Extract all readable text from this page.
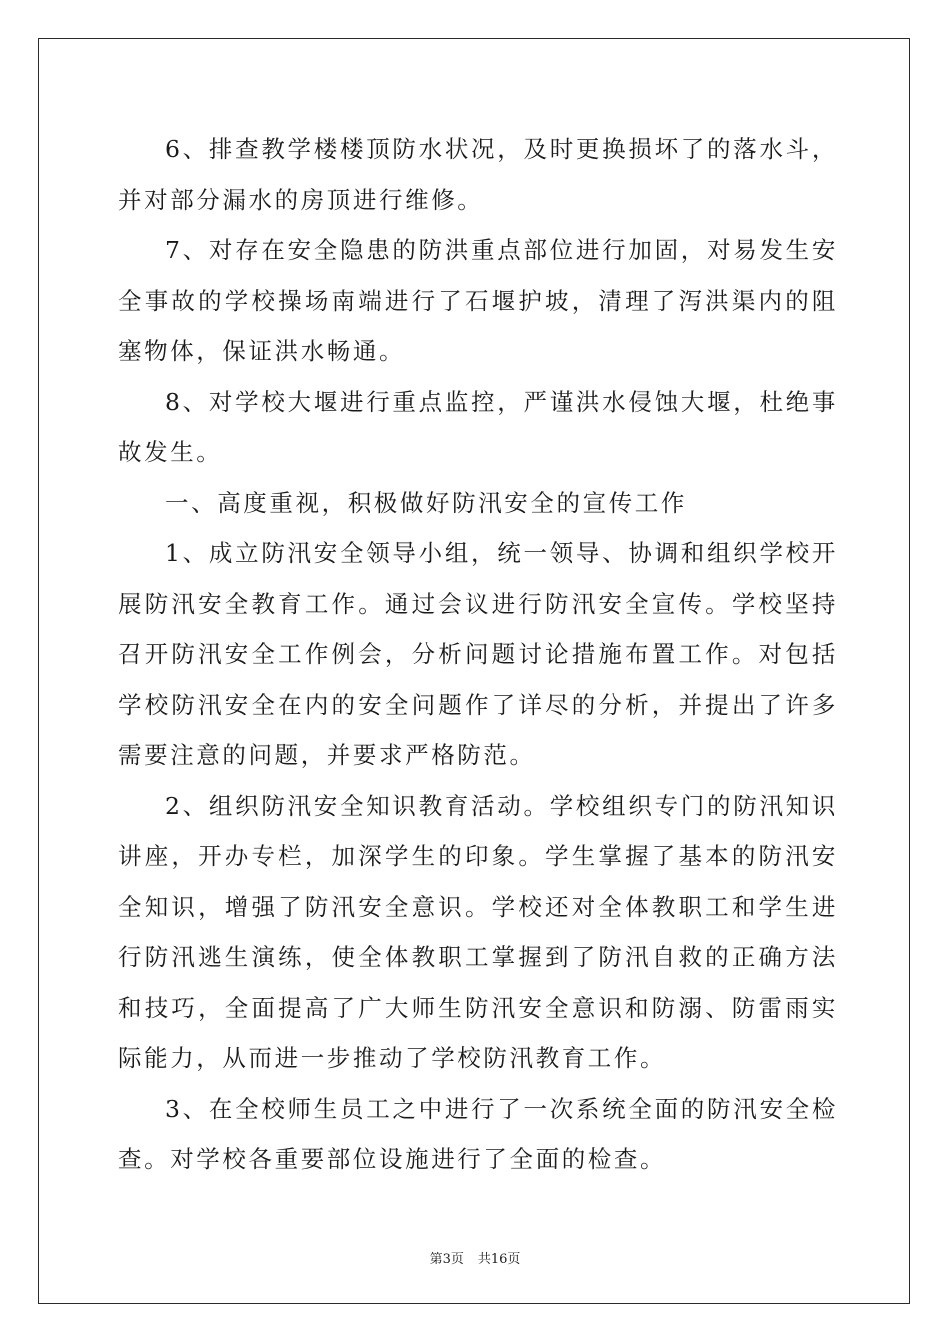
6、排查教学楼楼顶防水状况，及时更换损坏了的落水斗，并对部分漏水的房顶进行维修。

7、对存在安全隐患的防洪重点部位进行加固，对易发生安全事故的学校操场南端进行了石堰护坡，清理了泻洪渠内的阻塞物体，保证洪水畅通。

8、对学校大堰进行重点监控，严谨洪水侵蚀大堰，杜绝事故发生。

一、高度重视，积极做好防汛安全的宣传工作

1、成立防汛安全领导小组，统一领导、协调和组织学校开展防汛安全教育工作。通过会议进行防汛安全宣传。学校坚持召开防汛安全工作例会，分析问题讨论措施布置工作。对包括学校防汛安全在内的安全问题作了详尽的分析，并提出了许多需要注意的问题，并要求严格防范。

2、组织防汛安全知识教育活动。学校组织专门的防汛知识讲座，开办专栏，加深学生的印象。学生掌握了基本的防汛安全知识，增强了防汛安全意识。学校还对全体教职工和学生进行防汛逃生演练，使全体教职工掌握到了防汛自救的正确方法和技巧，全面提高了广大师生防汛安全意识和防溺、防雷雨实际能力，从而进一步推动了学校防汛教育工作。

3、在全校师生员工之中进行了一次系统全面的防汛安全检查。对学校各重要部位设施进行了全面的检查。

第3页 共16页
